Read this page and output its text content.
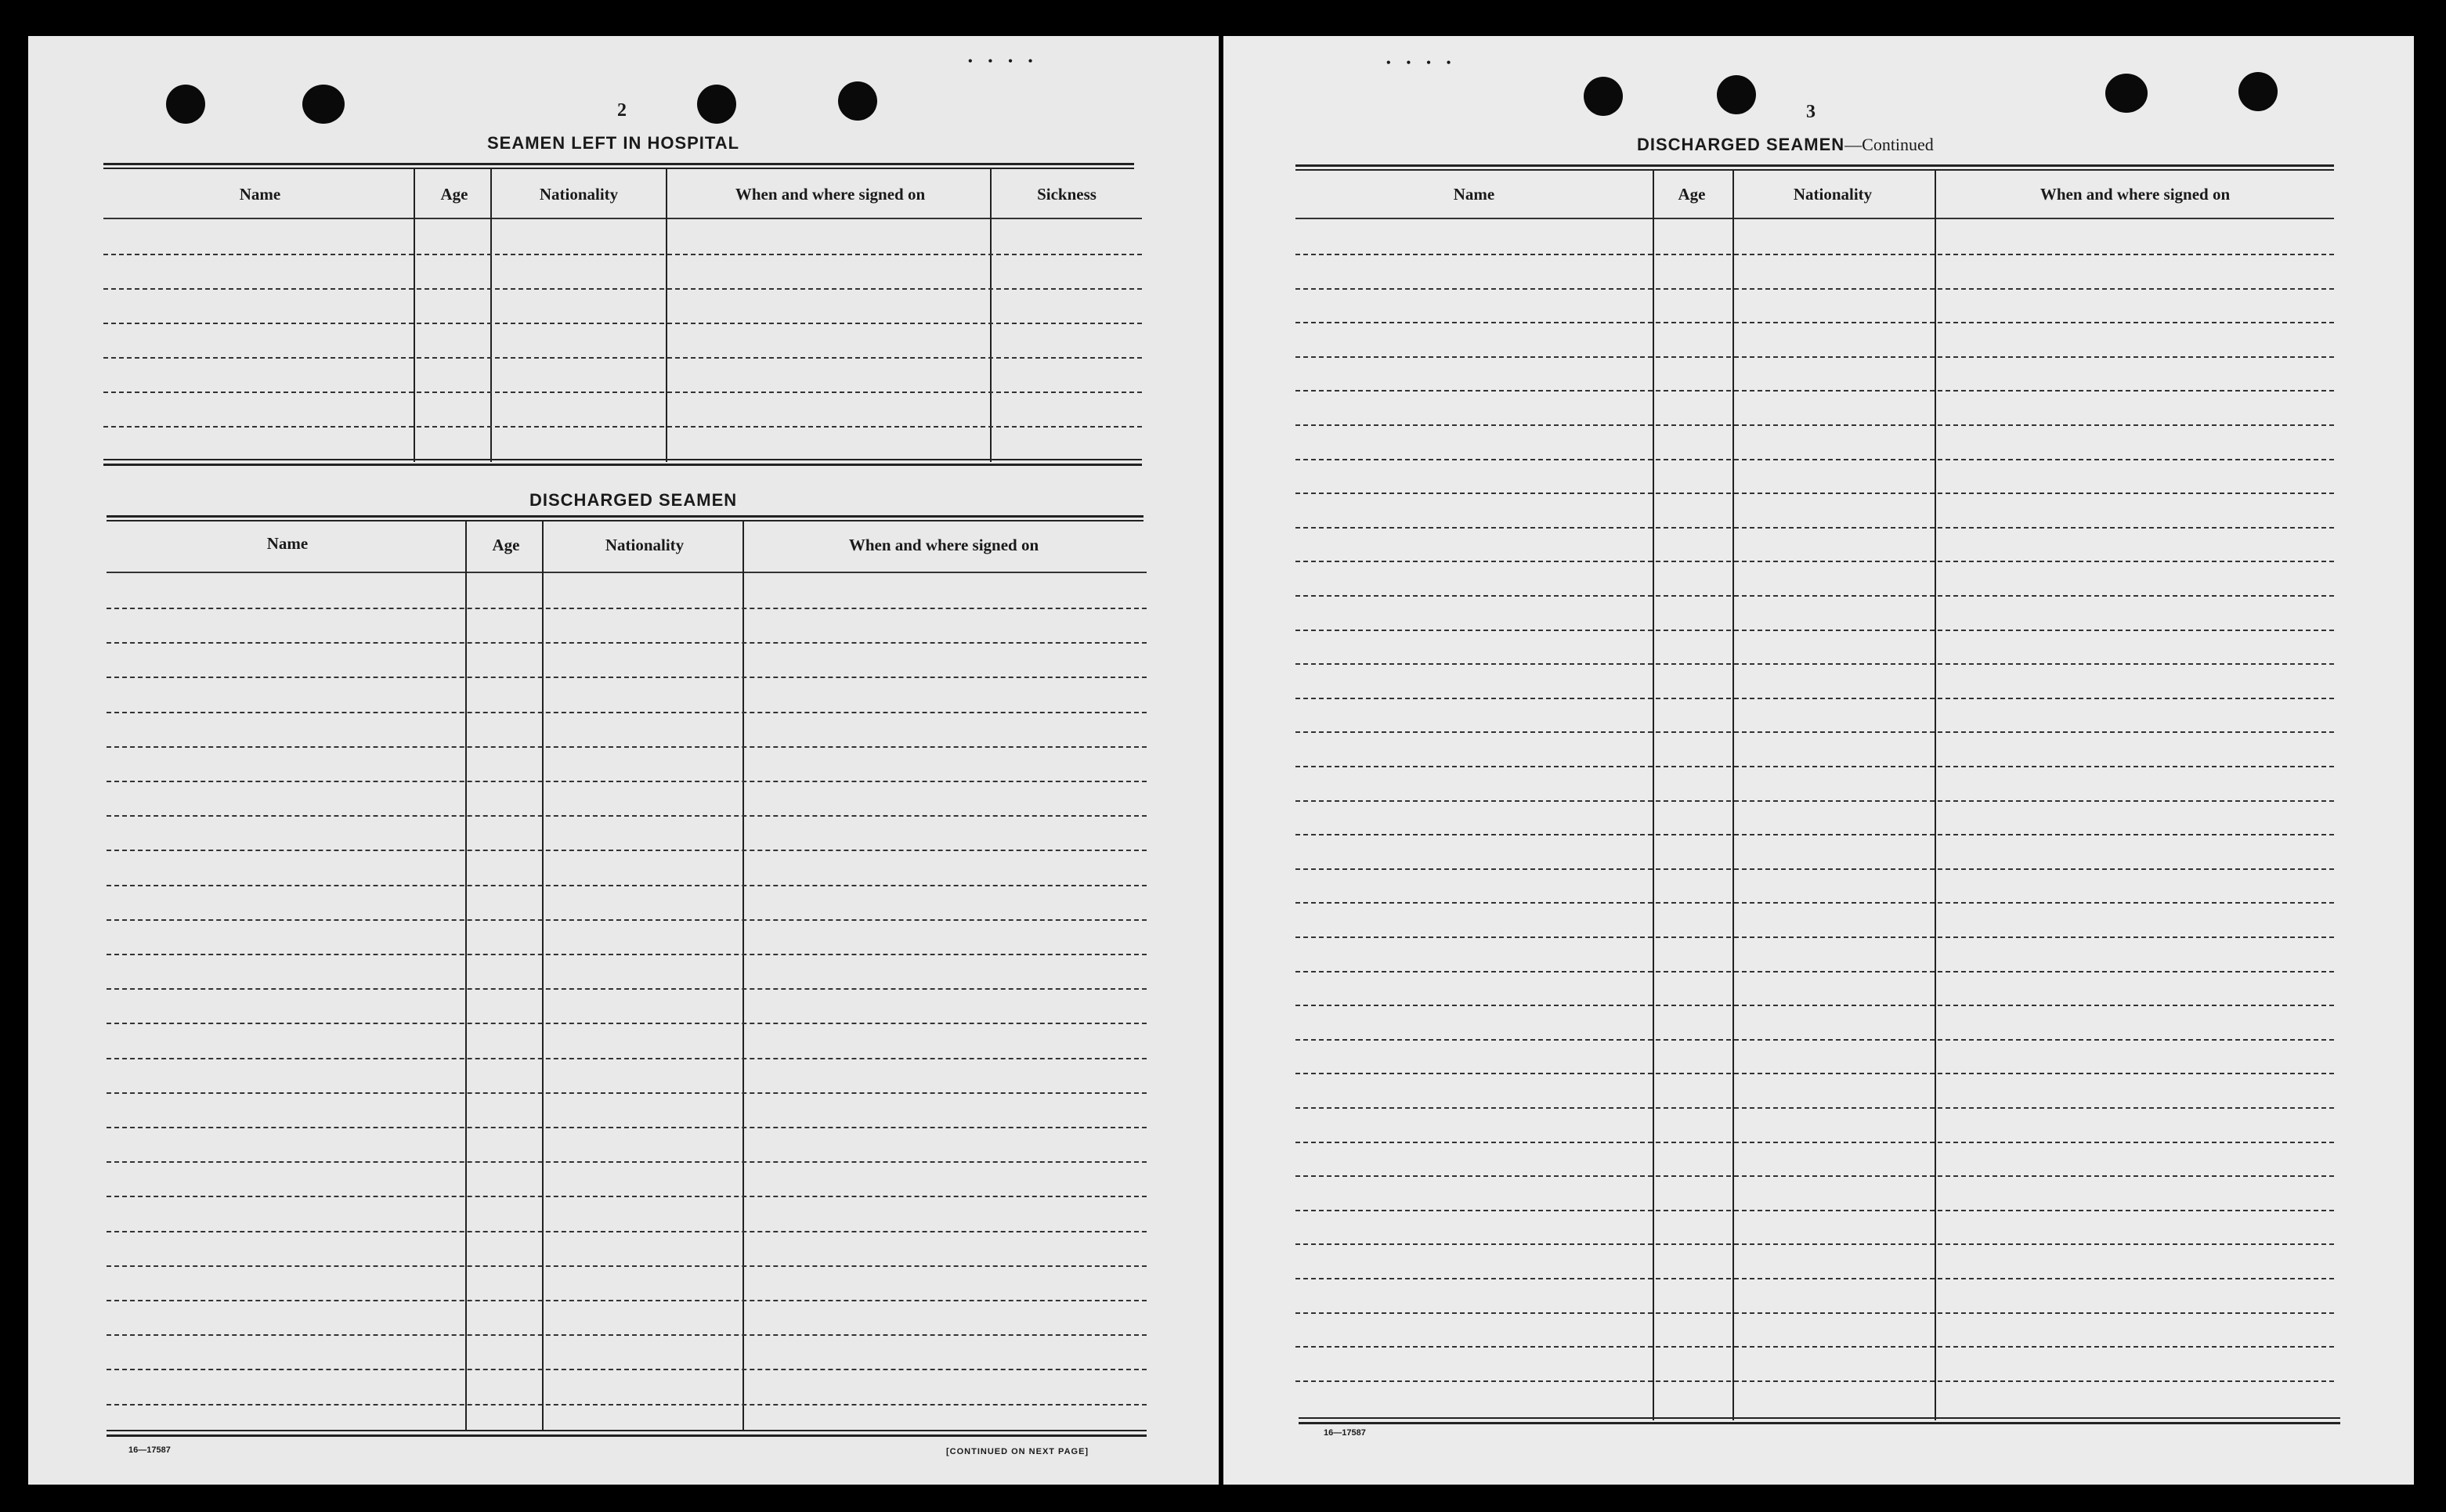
• • • •
2
SEAMEN LEFT IN HOSPITAL
Name	Age	Nationality	When and where signed on	Sickness
DISCHARGED SEAMEN
Name	Age	Nationality	When and where signed on
16—17587	[CONTINUED ON NEXT PAGE]
• • • •
3
DISCHARGED SEAMEN—Continued
Name	Age	Nationality	When and where signed on
16—17587
